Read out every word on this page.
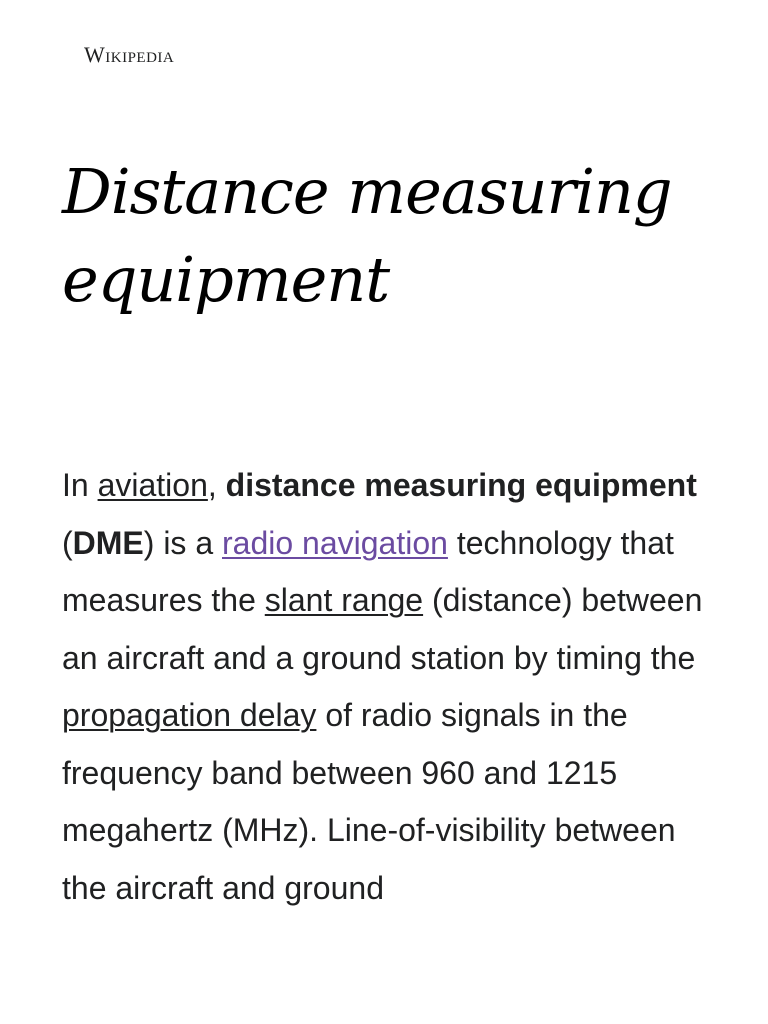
Wikipedia
Distance measuring equipment

In aviation, distance measuring equipment (DME) is a radio navigation technology that measures the slant range (distance) between an aircraft and a ground station by timing the propagation delay of radio signals in the frequency band between 960 and 1215 megahertz (MHz). Line-of-visibility between the aircraft and ground
